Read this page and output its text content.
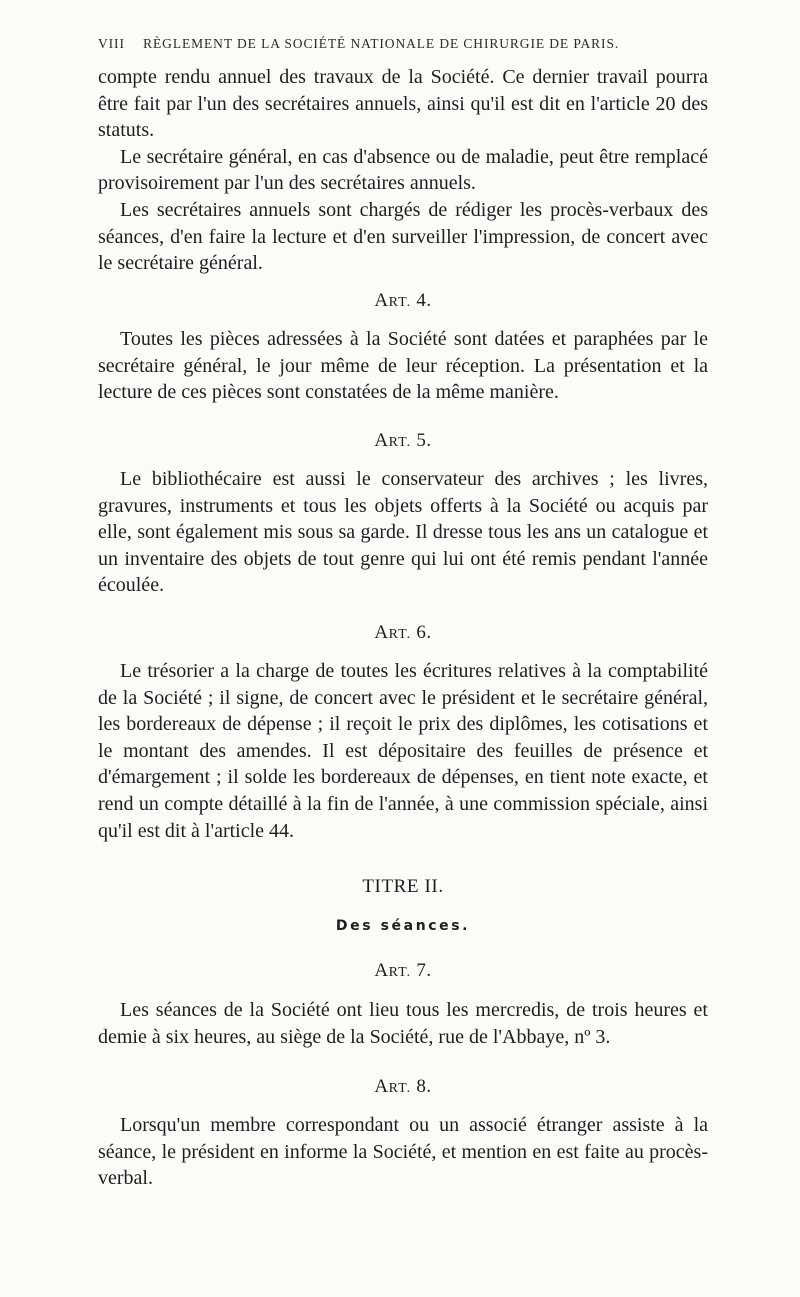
VIII RÈGLEMENT DE LA SOCIÉTÉ NATIONALE DE CHIRURGIE DE PARIS.

compte rendu annuel des travaux de la Société. Ce dernier travail pourra être fait par l'un des secrétaires annuels, ainsi qu'il est dit en l'article 20 des statuts.

Le secrétaire général, en cas d'absence ou de maladie, peut être remplacé provisoirement par l'un des secrétaires annuels.

Les secrétaires annuels sont chargés de rédiger les procès-verbaux des séances, d'en faire la lecture et d'en surveiller l'impression, de concert avec le secrétaire général.

ART. 4.

Toutes les pièces adressées à la Société sont datées et paraphées par le secrétaire général, le jour même de leur réception. La présentation et la lecture de ces pièces sont constatées de la même manière.

ART. 5.

Le bibliothécaire est aussi le conservateur des archives ; les livres, gravures, instruments et tous les objets offerts à la Société ou acquis par elle, sont également mis sous sa garde. Il dresse tous les ans un catalogue et un inventaire des objets de tout genre qui lui ont été remis pendant l'année écoulée.

ART. 6.

Le trésorier a la charge de toutes les écritures relatives à la comptabilité de la Société ; il signe, de concert avec le président et le secrétaire général, les bordereaux de dépense ; il reçoit le prix des diplômes, les cotisations et le montant des amendes. Il est dépositaire des feuilles de présence et d'émargement ; il solde les bordereaux de dépenses, en tient note exacte, et rend un compte détaillé à la fin de l'année, à une commission spéciale, ainsi qu'il est dit à l'article 44.

TITRE II.
Des séances.
ART. 7.

Les séances de la Société ont lieu tous les mercredis, de trois heures et demie à six heures, au siège de la Société, rue de l'Abbaye, nº 3.

ART. 8.

Lorsqu'un membre correspondant ou un associé étranger assiste à la séance, le président en informe la Société, et mention en est faite au procès-verbal.
